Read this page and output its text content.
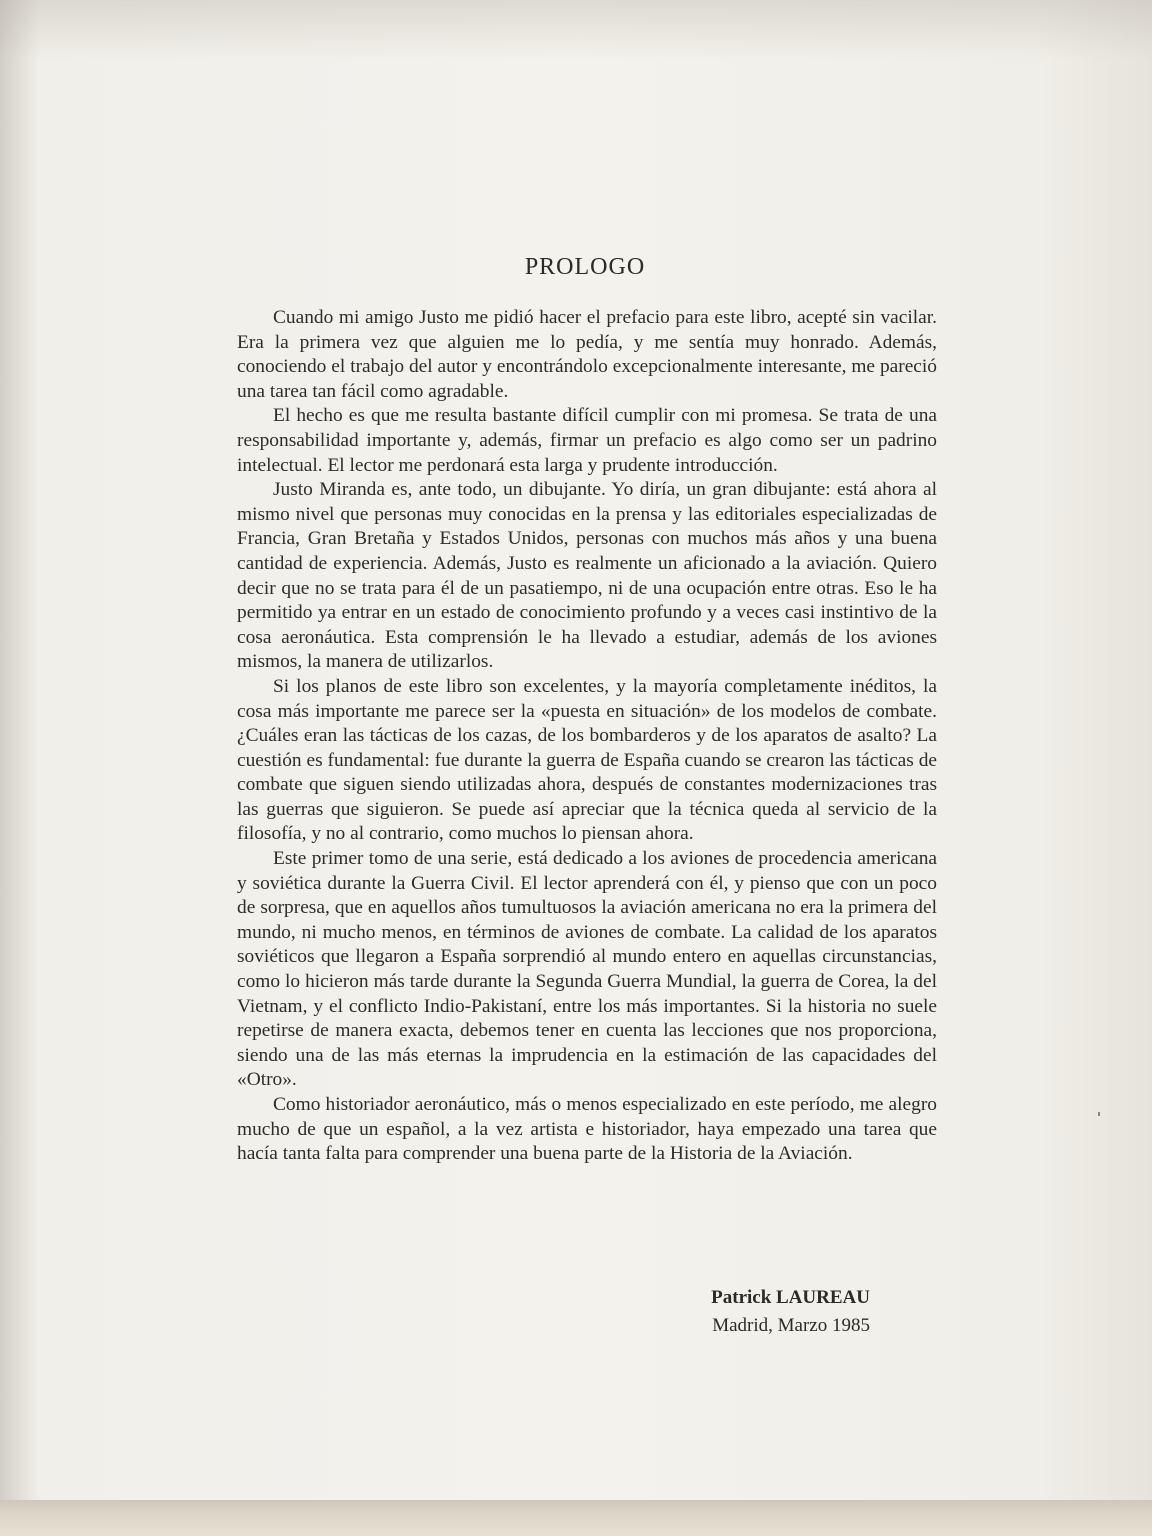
PROLOGO

Cuando mi amigo Justo me pidió hacer el prefacio para este libro, acepté sin vacilar. Era la primera vez que alguien me lo pedía, y me sentía muy honrado. Además, conociendo el trabajo del autor y encontrándolo excepcionalmente interesante, me pareció una tarea tan fácil como agradable.

El hecho es que me resulta bastante difícil cumplir con mi promesa. Se trata de una responsabilidad importante y, además, firmar un prefacio es algo como ser un padrino intelectual. El lector me perdonará esta larga y prudente introducción.

Justo Miranda es, ante todo, un dibujante. Yo diría, un gran dibujante: está ahora al mismo nivel que personas muy conocidas en la prensa y las editoriales especializadas de Francia, Gran Bretaña y Estados Unidos, personas con muchos más años y una buena cantidad de experiencia. Además, Justo es realmente un aficionado a la aviación. Quiero decir que no se trata para él de un pasatiempo, ni de una ocupación entre otras. Eso le ha permitido ya entrar en un estado de conocimiento profundo y a veces casi instintivo de la cosa aeronáutica. Esta comprensión le ha llevado a estudiar, además de los aviones mismos, la manera de utilizarlos.

Si los planos de este libro son excelentes, y la mayoría completamente inéditos, la cosa más importante me parece ser la «puesta en situación» de los modelos de combate. ¿Cuáles eran las tácticas de los cazas, de los bombarderos y de los aparatos de asalto? La cuestión es fundamental: fue durante la guerra de España cuando se crearon las tácticas de combate que siguen siendo utilizadas ahora, después de constantes modernizaciones tras las guerras que siguieron. Se puede así apreciar que la técnica queda al servicio de la filosofía, y no al contrario, como muchos lo piensan ahora.

Este primer tomo de una serie, está dedicado a los aviones de procedencia americana y soviética durante la Guerra Civil. El lector aprenderá con él, y pienso que con un poco de sorpresa, que en aquellos años tumultuosos la aviación americana no era la primera del mundo, ni mucho menos, en términos de aviones de combate. La calidad de los aparatos soviéticos que llegaron a España sorprendió al mundo entero en aquellas circunstancias, como lo hicieron más tarde durante la Segunda Guerra Mundial, la guerra de Corea, la del Vietnam, y el conflicto Indio-Pakistaní, entre los más importantes. Si la historia no suele repetirse de manera exacta, debemos tener en cuenta las lecciones que nos proporciona, siendo una de las más eternas la imprudencia en la estimación de las capacidades del «Otro».

Como historiador aeronáutico, más o menos especializado en este período, me alegro mucho de que un español, a la vez artista e historiador, haya empezado una tarea que hacía tanta falta para comprender una buena parte de la Historia de la Aviación.

Patrick LAUREAU
Madrid, Marzo 1985
